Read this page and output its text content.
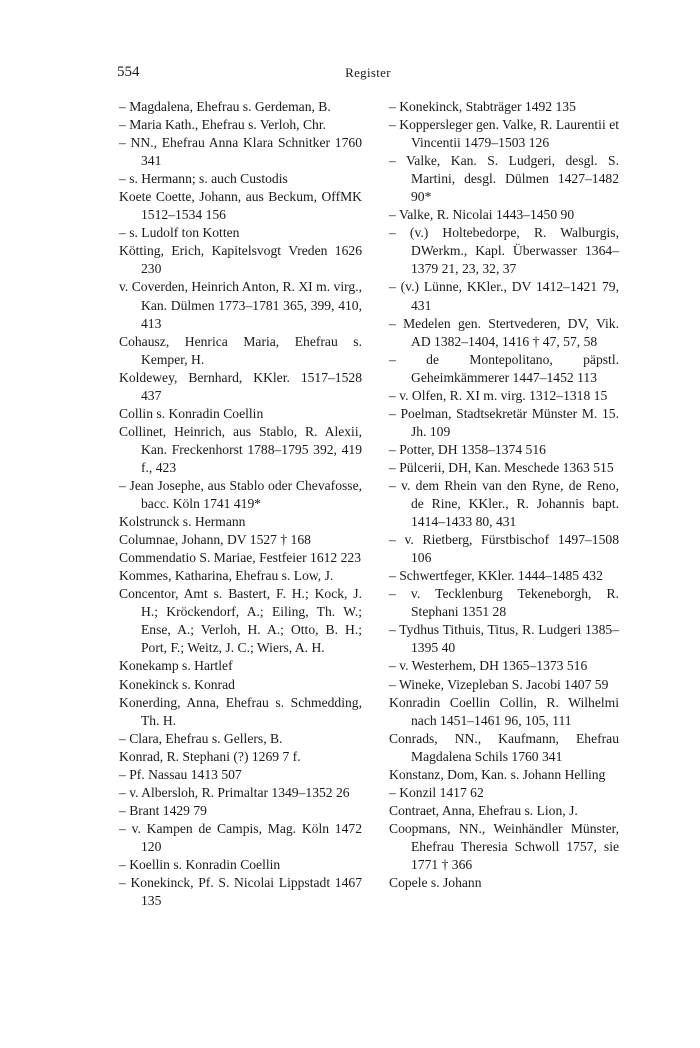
554	Register
– Magdalena, Ehefrau s. Gerdeman, B.
– Maria Kath., Ehefrau s. Verloh, Chr.
– NN., Ehefrau Anna Klara Schnitker 1760 341
– s. Hermann; s. auch Custodis
Koete Coette, Johann, aus Beckum, OffMK 1512–1534 156
– s. Ludolf ton Kotten
Kötting, Erich, Kapitelsvogt Vreden 1626 230
v. Coverden, Heinrich Anton, R. XI m. virg., Kan. Dülmen 1773–1781 365, 399, 410, 413
Cohausz, Henrica Maria, Ehefrau s. Kemper, H.
Koldewey, Bernhard, KKler. 1517–1528 437
Collin s. Konradin Coellin
Collinet, Heinrich, aus Stablo, R. Alexii, Kan. Freckenhorst 1788–1795 392, 419 f., 423
– Jean Josephe, aus Stablo oder Chevafosse, bacc. Köln 1741 419*
Kolstrunck s. Hermann
Columnae, Johann, DV 1527 † 168
Commendatio S. Mariae, Festfeier 1612 223
Kommes, Katharina, Ehefrau s. Low, J.
Concentor, Amt s. Bastert, F. H.; Kock, J. H.; Kröckendorf, A.; Eiling, Th. W.; Ense, A.; Verloh, H. A.; Otto, B. H.; Port, F.; Weitz, J. C.; Wiers, A. H.
Konekamp s. Hartlef
Konekinck s. Konrad
Konerding, Anna, Ehefrau s. Schmedding, Th. H.
– Clara, Ehefrau s. Gellers, B.
Konrad, R. Stephani (?) 1269 7 f.
– Pf. Nassau 1413 507
– v. Albersloh, R. Primaltar 1349–1352 26
– Brant 1429 79
– v. Kampen de Campis, Mag. Köln 1472 120
– Koellin s. Konradin Coellin
– Konekinck, Pf. S. Nicolai Lippstadt 1467 135
– Konekinck, Stabträger 1492 135
– Koppersleger gen. Valke, R. Laurentii et Vincentii 1479–1503 126
– Valke, Kan. S. Ludgeri, desgl. S. Martini, desgl. Dülmen 1427–1482 90*
– Valke, R. Nicolai 1443–1450 90
– (v.) Holtebedorpe, R. Walburgis, DWerkm., Kapl. Überwasser 1364–1379 21, 23, 32, 37
– (v.) Lünne, KKler., DV 1412–1421 79, 431
– Medelen gen. Stertvederen, DV, Vik. AD 1382–1404, 1416 † 47, 57, 58
– de Montepolitano, päpstl. Geheimkämmerer 1447–1452 113
– v. Olfen, R. XI m. virg. 1312–1318 15
– Poelman, Stadtsekretär Münster M. 15. Jh. 109
– Potter, DH 1358–1374 516
– Pülcerii, DH, Kan. Meschede 1363 515
– v. dem Rhein van den Ryne, de Reno, de Rine, KKler., R. Johannis bapt. 1414–1433 80, 431
– v. Rietberg, Fürstbischof 1497–1508 106
– Schwertfeger, KKler. 1444–1485 432
– v. Tecklenburg Tekeneborgh, R. Stephani 1351 28
– Tydhus Tithuis, Titus, R. Ludgeri 1385–1395 40
– v. Westerhem, DH 1365–1373 516
– Wineke, Vizepleban S. Jacobi 1407 59
Konradin Coellin Collin, R. Wilhelmi nach 1451–1461 96, 105, 111
Conrads, NN., Kaufmann, Ehefrau Magdalena Schils 1760 341
Konstanz, Dom, Kan. s. Johann Helling
– Konzil 1417 62
Contraet, Anna, Ehefrau s. Lion, J.
Coopmans, NN., Weinhändler Münster, Ehefrau Theresia Schwoll 1757, sie 1771 † 366
Copele s. Johann
